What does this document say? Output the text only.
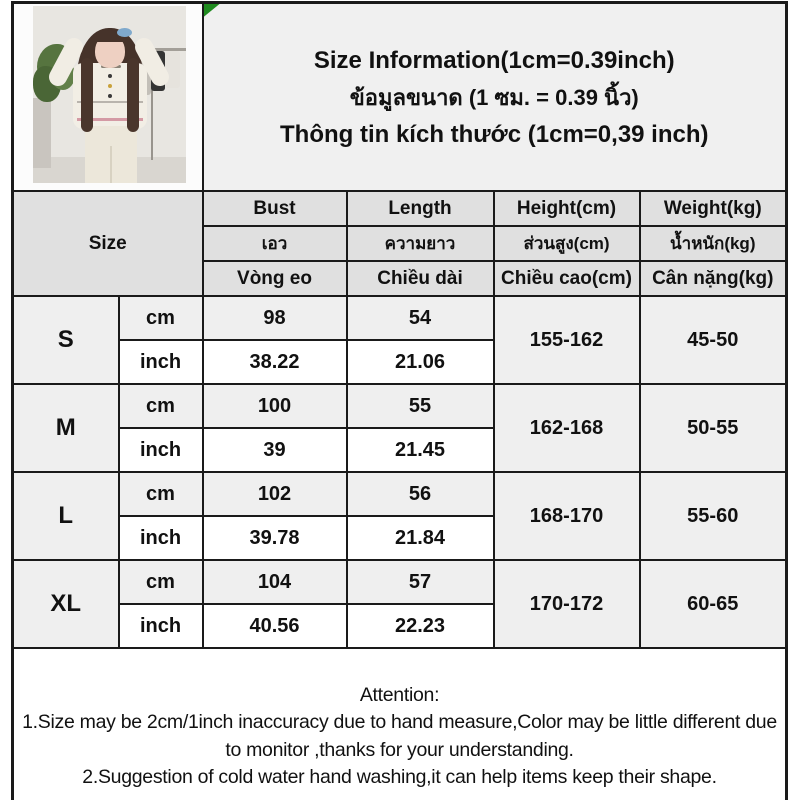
		Size Information(1cm=0.39inch)
ข้อมูลขนาด (1 ซม. = 0.39 นิ้ว)
Thông tin kích thước (1cm=0,39 inch)			

Size		Bust	Length	Height(cm)	Weight(kg)
		เอว	ความยาว	ส่วนสูง(cm)	น้ำหนัก(kg)
		Vòng eo	Chiều dài	Chiều cao(cm)	Cân nặng(kg)
S	cm	98	54	155-162	45-50
	inch	38.22	21.06		
M	cm	100	55	162-168	50-55
	inch	39	21.45		
L	cm	102	56	168-170	55-60
	inch	39.78	21.84		
XL	cm	104	57	170-172	60-65
	inch	40.56	22.23		

Attention:
1.Size may be 2cm/1inch inaccuracy due to hand measure,Color may be little different due to monitor ,thanks for your understanding.
2.Suggestion of cold water hand washing,it can help items keep their shape.					
